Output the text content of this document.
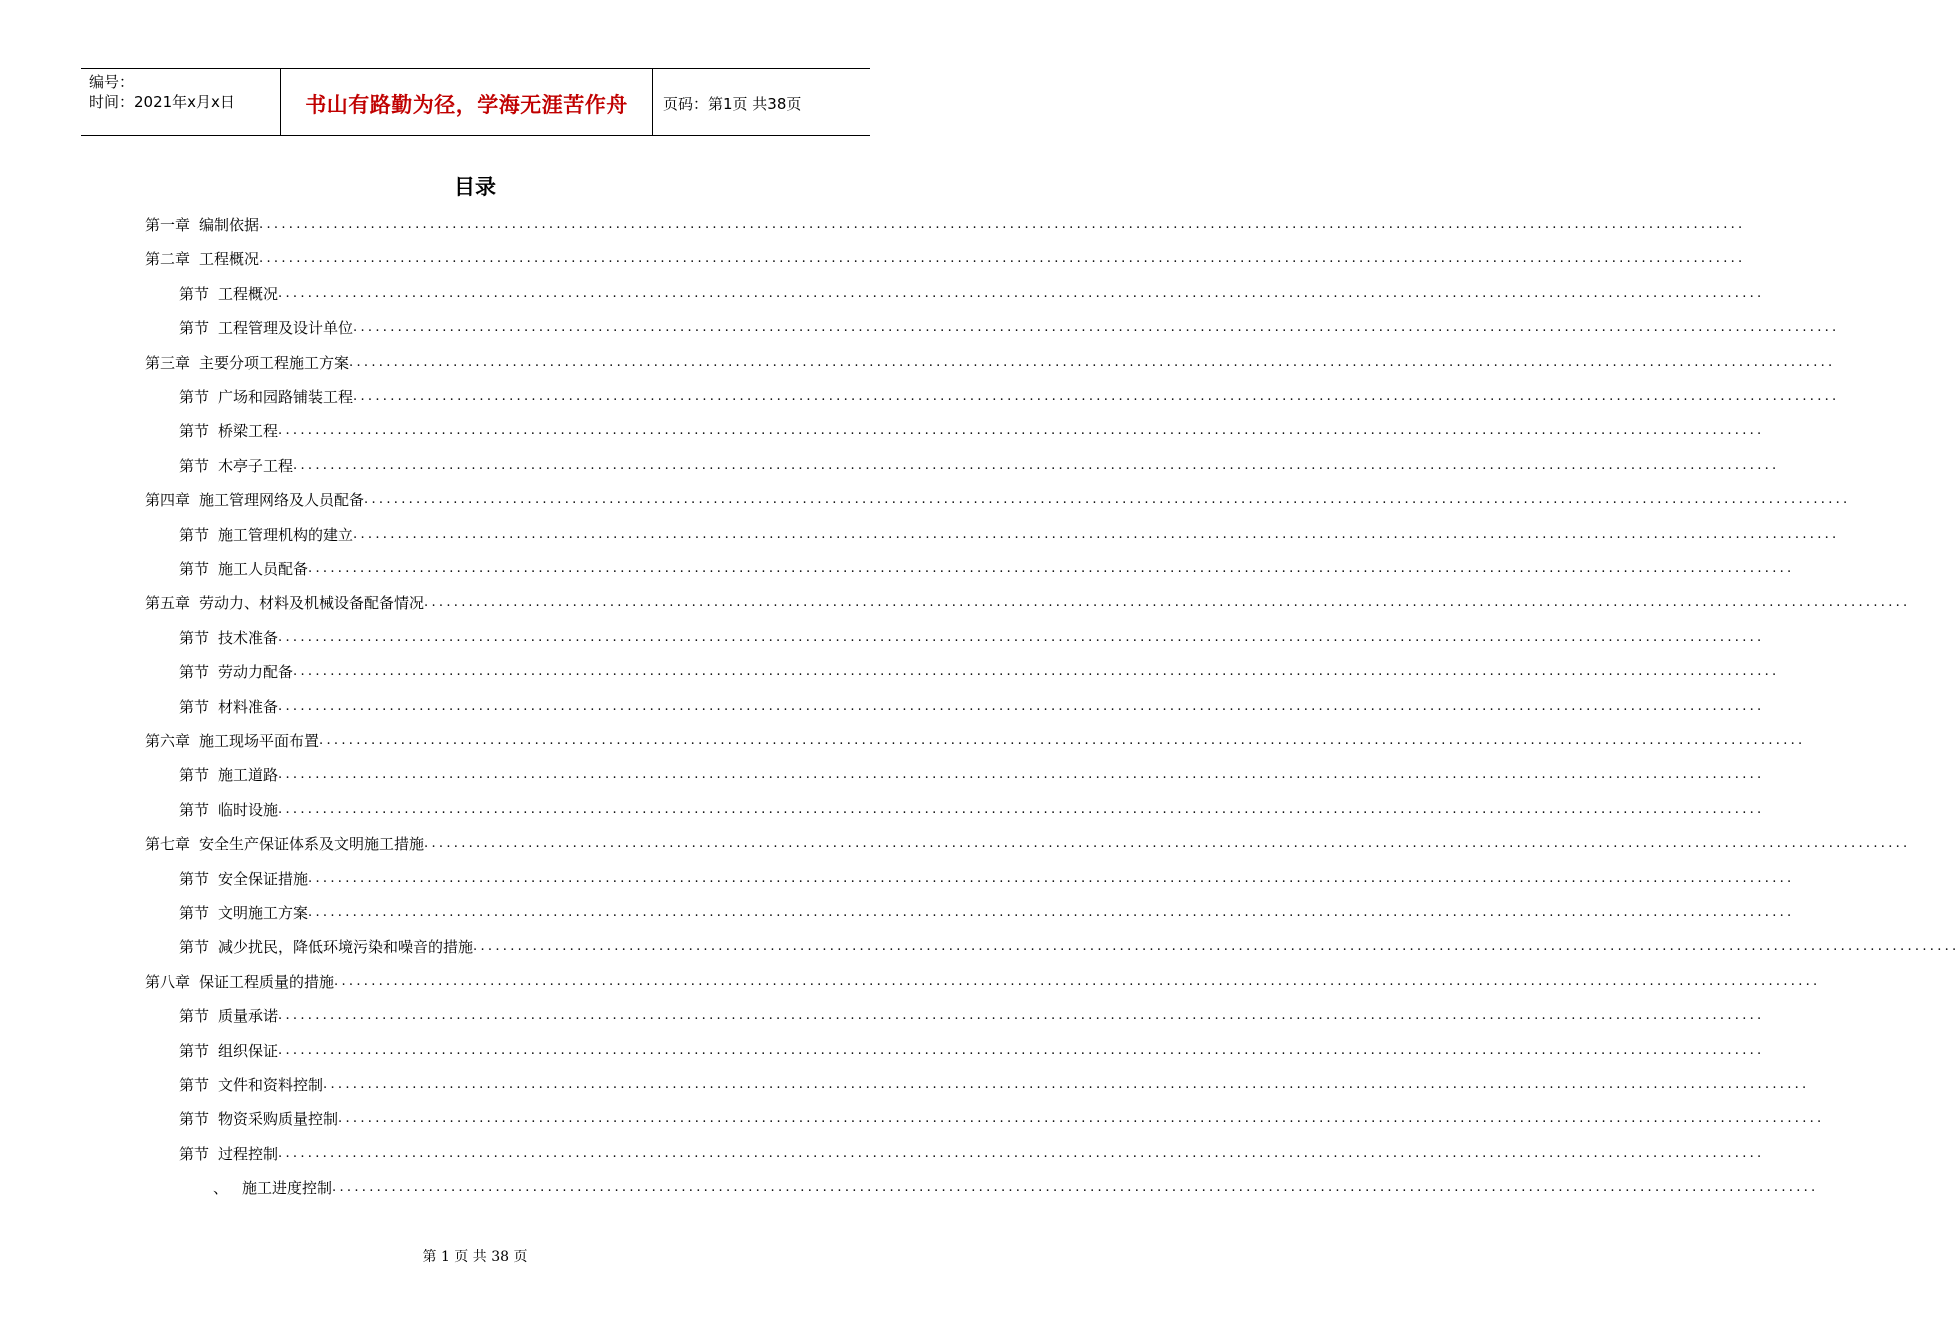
编号：
时间：2021年x月x日	书山有路勤为径，学海无涯苦作舟	页码：第1页 共38页
目录
第一章 编制依据 ........................................................................................................................................................................................................
第二章 工程概况 ........................................................................................................................................................................................................
第节 工程概况 ........................................................................................................................................................................................................
第节 工程管理及设计单位 ........................................................................................................................................................................................................
第三章 主要分项工程施工方案 ........................................................................................................................................................................................................
第节 广场和园路铺装工程 ........................................................................................................................................................................................................
第节 桥梁工程 ........................................................................................................................................................................................................
第节 木亭子工程 ........................................................................................................................................................................................................
第四章 施工管理网络及人员配备 ........................................................................................................................................................................................................
第节 施工管理机构的建立 ........................................................................................................................................................................................................
第节 施工人员配备 ........................................................................................................................................................................................................
第五章 劳动力、材料及机械设备配备情况 ........................................................................................................................................................................................................
第节 技术准备 ........................................................................................................................................................................................................
第节 劳动力配备 ........................................................................................................................................................................................................
第节 材料准备 ........................................................................................................................................................................................................
第六章 施工现场平面布置 ........................................................................................................................................................................................................
第节 施工道路 ........................................................................................................................................................................................................
第节 临时设施 ........................................................................................................................................................................................................
第七章 安全生产保证体系及文明施工措施 ........................................................................................................................................................................................................
第节 安全保证措施 ........................................................................................................................................................................................................
第节 文明施工方案 ........................................................................................................................................................................................................
第节 减少扰民，降低环境污染和噪音的措施 ........................................................................................................................................................................................................
第八章 保证工程质量的措施 ........................................................................................................................................................................................................
第节 质量承诺 ........................................................................................................................................................................................................
第节 组织保证 ........................................................................................................................................................................................................
第节 文件和资料控制 ........................................................................................................................................................................................................
第节 物资采购质量控制 ........................................................................................................................................................................................................
第节 过程控制 ........................................................................................................................................................................................................
、 施工进度控制 ........................................................................................................................................................................................................
第 1 页 共 38 页
